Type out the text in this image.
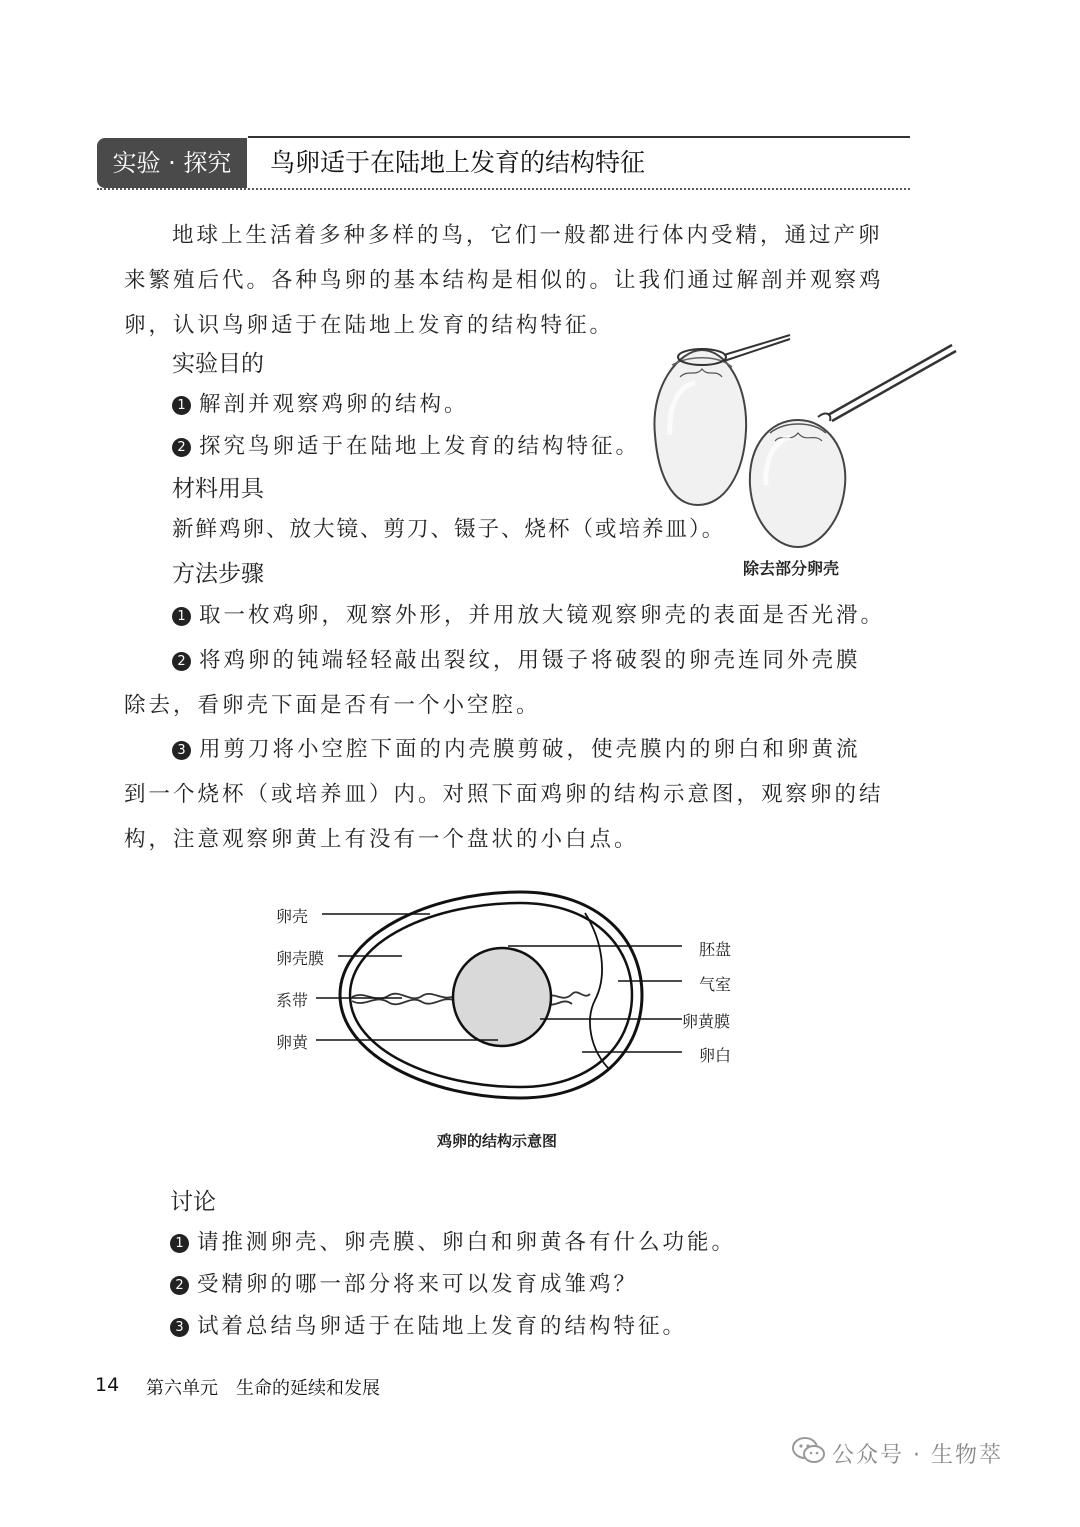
实验 · 探究	鸟卵适于在陆地上发育的结构特征
地球上生活着多种多样的鸟，它们一般都进行体内受精，通过产卵
来繁殖后代。各种鸟卵的基本结构是相似的。让我们通过解剖并观察鸡
卵，认识鸟卵适于在陆地上发育的结构特征。
实验目的
1 解剖并观察鸡卵的结构。
2 探究鸟卵适于在陆地上发育的结构特征。
材料用具
新鲜鸡卵、放大镜、剪刀、镊子、烧杯（或培养皿）。
除去部分卵壳
方法步骤
1 取一枚鸡卵，观察外形，并用放大镜观察卵壳的表面是否光滑。
2 将鸡卵的钝端轻轻敲出裂纹，用镊子将破裂的卵壳连同外壳膜
除去，看卵壳下面是否有一个小空腔。
3 用剪刀将小空腔下面的内壳膜剪破，使壳膜内的卵白和卵黄流
到一个烧杯（或培养皿）内。对照下面鸡卵的结构示意图，观察卵的结
构，注意观察卵黄上有没有一个盘状的小白点。
卵壳
卵壳膜
系带
卵黄
胚盘
气室
卵黄膜
卵白
鸡卵的结构示意图
讨论
1 请推测卵壳、卵壳膜、卵白和卵黄各有什么功能。
2 受精卵的哪一部分将来可以发育成雏鸡？
3 试着总结鸟卵适于在陆地上发育的结构特征。
14 第六单元　生命的延续和发展
公众号 · 生物萃
